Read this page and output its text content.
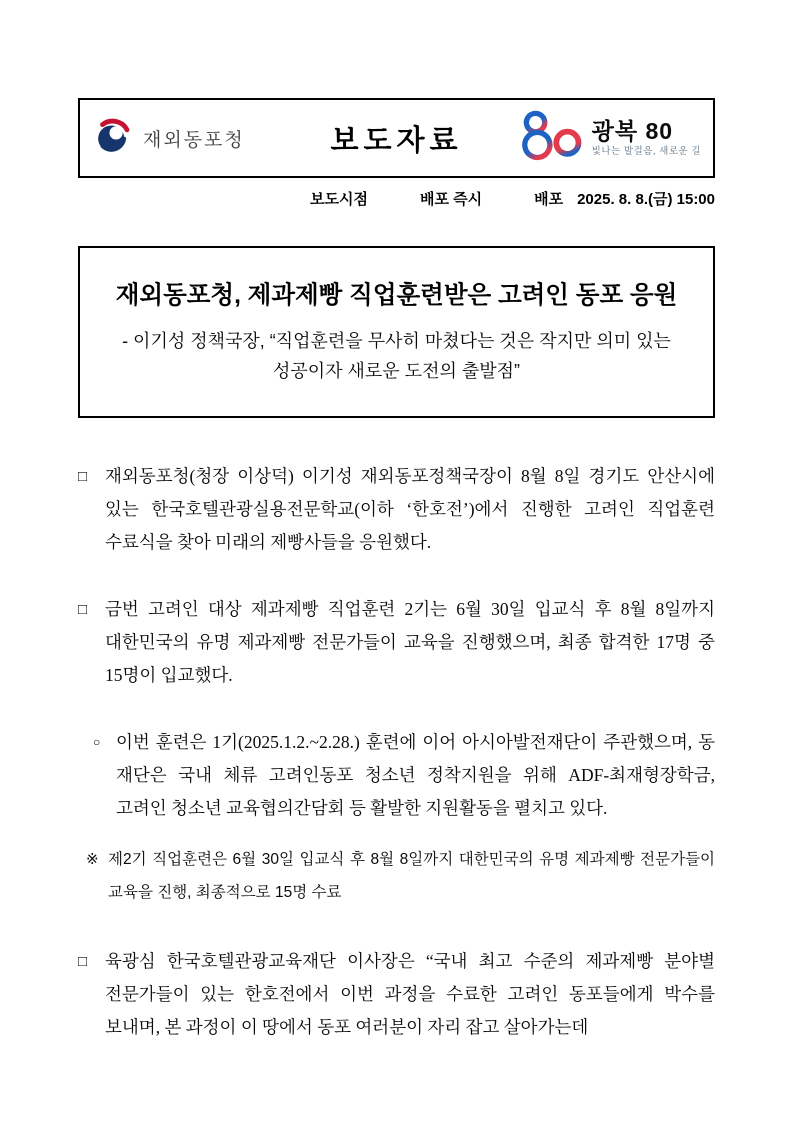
재외동포청	보도자료	광복 80
빛나는 발걸음, 새로운 길
보도시점	배포 즉시	배포 2025. 8. 8.(금) 15:00
재외동포청, 제과제빵 직업훈련받은 고려인 동포 응원
- 이기성 정책국장, “직업훈련을 무사히 마쳤다는 것은 작지만 의미 있는
성공이자 새로운 도전의 출발점”
□	재외동포청(청장 이상덕) 이기성 재외동포정책국장이 8월 8일 경기도 안산시에 있는 한국호텔관광실용전문학교(이하 ‘한호전’)에서 진행한 고려인 직업훈련 수료식을 찾아 미래의 제빵사들을 응원했다.
□	금번 고려인 대상 제과제빵 직업훈련 2기는 6월 30일 입교식 후 8월 8일까지 대한민국의 유명 제과제빵 전문가들이 교육을 진행했으며, 최종 합격한 17명 중 15명이 입교했다.
○ 이번 훈련은 1기(2025.1.2.~2.28.) 훈련에 이어 아시아발전재단이 주관했으며, 동 재단은 국내 체류 고려인동포 청소년 정착지원을 위해 ADF-최재형장학금, 고려인 청소년 교육협의간담회 등 활발한 지원활동을 펼치고 있다.
※ 제2기 직업훈련은 6월 30일 입교식 후 8월 8일까지 대한민국의 유명 제과제빵 전문가들이 교육을 진행, 최종적으로 15명 수료
□	육광심 한국호텔관광교육재단 이사장은 “국내 최고 수준의 제과제빵 분야별 전문가들이 있는 한호전에서 이번 과정을 수료한 고려인 동포들에게 박수를 보내며, 본 과정이 이 땅에서 동포 여러분이 자리 잡고 살아가는데
